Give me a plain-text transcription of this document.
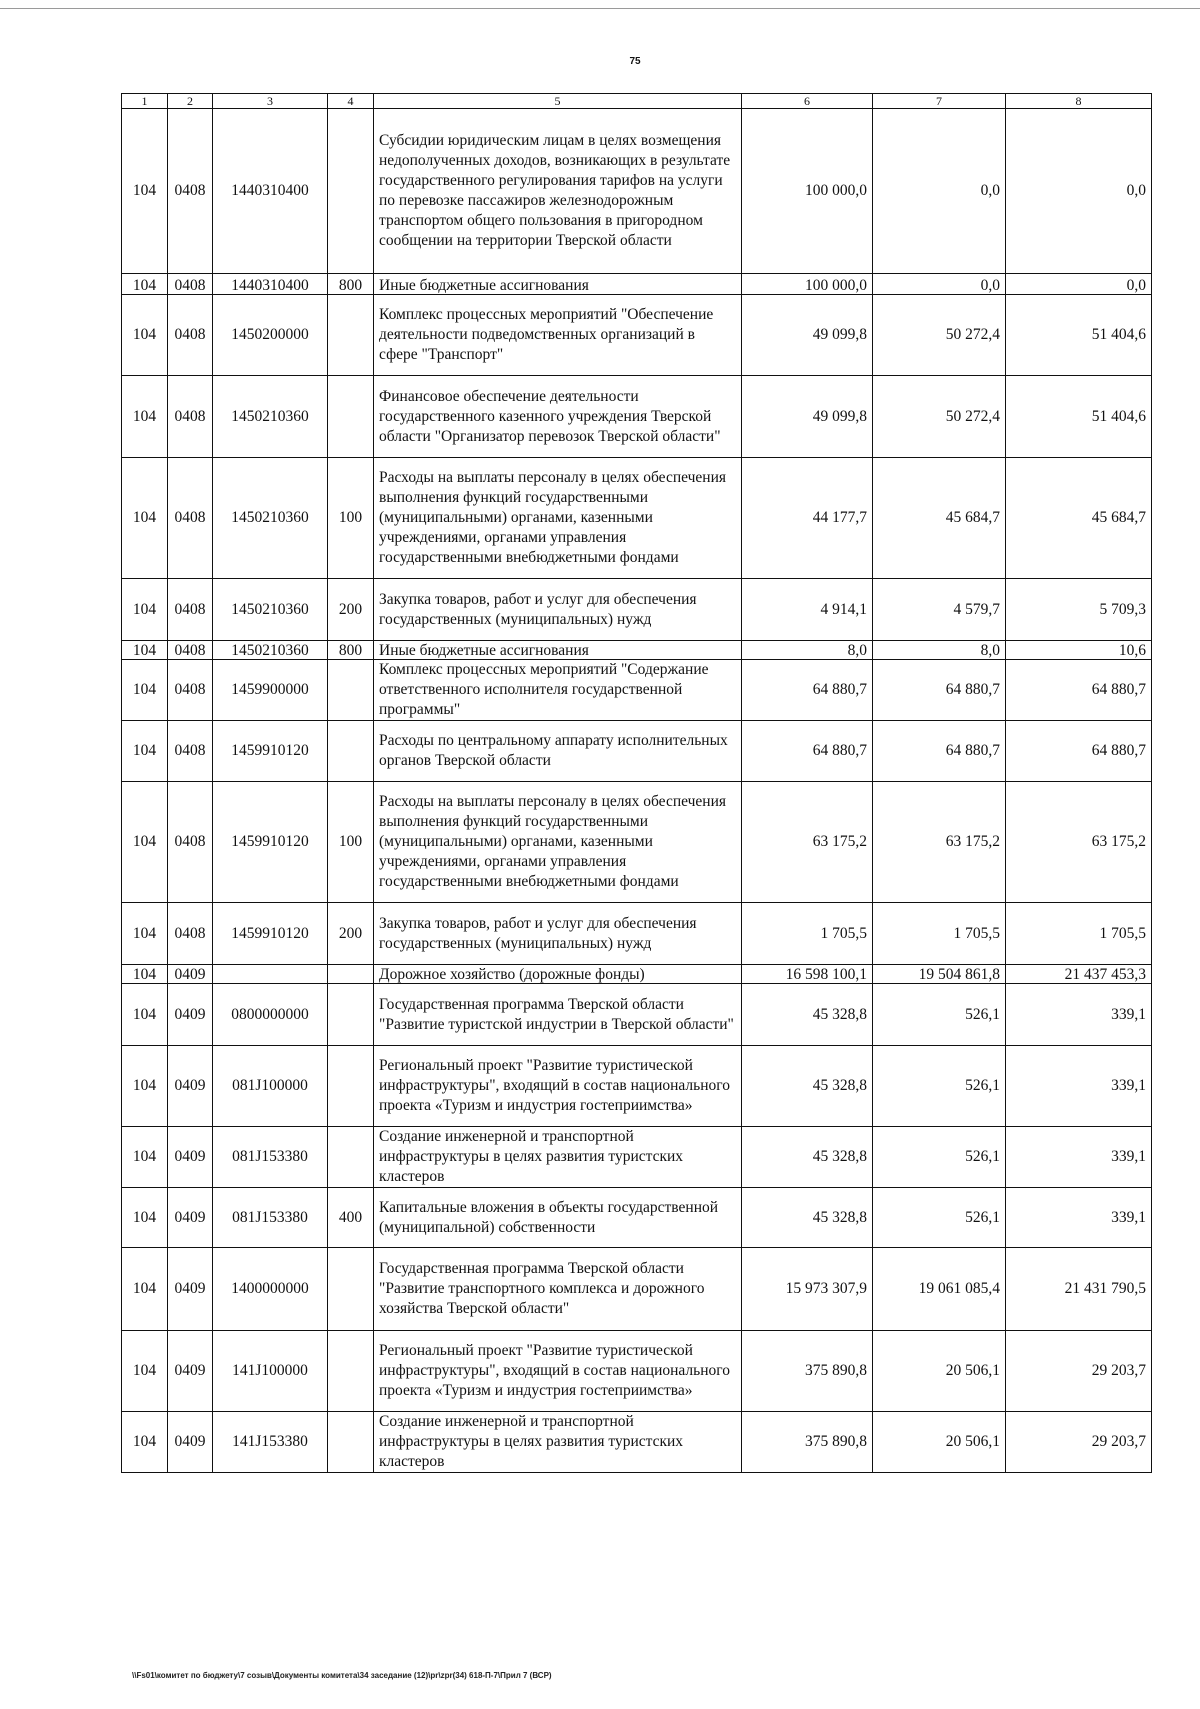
75
1	2	3	4	5	6	7	8
104	0408	1440310400		Субсидии юридическим лицам в целях возмещения недополученных доходов, возникающих в результате государственного регулирования тарифов на услуги по перевозке пассажиров железнодорожным транспортом общего пользования в пригородном сообщении на территории Тверской области	100 000,0	0,0	0,0
104	0408	1440310400	800	Иные бюджетные ассигнования	100 000,0	0,0	0,0
104	0408	1450200000		Комплекс процессных мероприятий "Обеспечение деятельности подведомственных организаций в сфере "Транспорт"	49 099,8	50 272,4	51 404,6
104	0408	1450210360		Финансовое обеспечение деятельности государственного казенного учреждения Тверской области "Организатор перевозок Тверской области"	49 099,8	50 272,4	51 404,6
104	0408	1450210360	100	Расходы на выплаты персоналу в целях обеспечения выполнения функций государственными (муниципальными) органами, казенными учреждениями, органами управления государственными внебюджетными фондами	44 177,7	45 684,7	45 684,7
104	0408	1450210360	200	Закупка товаров, работ и услуг для обеспечения государственных (муниципальных) нужд	4 914,1	4 579,7	5 709,3
104	0408	1450210360	800	Иные бюджетные ассигнования	8,0	8,0	10,6
104	0408	1459900000		Комплекс процессных мероприятий "Содержание ответственного исполнителя государственной программы"	64 880,7	64 880,7	64 880,7
104	0408	1459910120		Расходы по центральному аппарату исполнительных органов Тверской области	64 880,7	64 880,7	64 880,7
104	0408	1459910120	100	Расходы на выплаты персоналу в целях обеспечения выполнения функций государственными (муниципальными) органами, казенными учреждениями, органами управления государственными внебюджетными фондами	63 175,2	63 175,2	63 175,2
104	0408	1459910120	200	Закупка товаров, работ и услуг для обеспечения государственных (муниципальных) нужд	1 705,5	1 705,5	1 705,5
104	0409			Дорожное хозяйство (дорожные фонды)	16 598 100,1	19 504 861,8	21 437 453,3
104	0409	0800000000		Государственная программа Тверской области "Развитие туристской индустрии в Тверской области"	45 328,8	526,1	339,1
104	0409	081J100000		Региональный проект "Развитие туристической инфраструктуры", входящий в состав национального проекта «Туризм и индустрия гостеприимства»	45 328,8	526,1	339,1
104	0409	081J153380		Создание инженерной и транспортной инфраструктуры в целях развития туристских кластеров	45 328,8	526,1	339,1
104	0409	081J153380	400	Капитальные вложения в объекты государственной (муниципальной) собственности	45 328,8	526,1	339,1
104	0409	1400000000		Государственная программа Тверской области "Развитие транспортного комплекса и дорожного хозяйства Тверской области"	15 973 307,9	19 061 085,4	21 431 790,5
104	0409	141J100000		Региональный проект "Развитие туристической инфраструктуры", входящий в состав национального проекта «Туризм и индустрия гостеприимства»	375 890,8	20 506,1	29 203,7
104	0409	141J153380		Создание инженерной и транспортной инфраструктуры в целях развития туристских кластеров	375 890,8	20 506,1	29 203,7
\\Fs01\комитет по бюджету\7 созыв\Документы комитета\34 заседание (12)\pr\zpr(34) 618-П-7\Прил 7 (ВСР)
